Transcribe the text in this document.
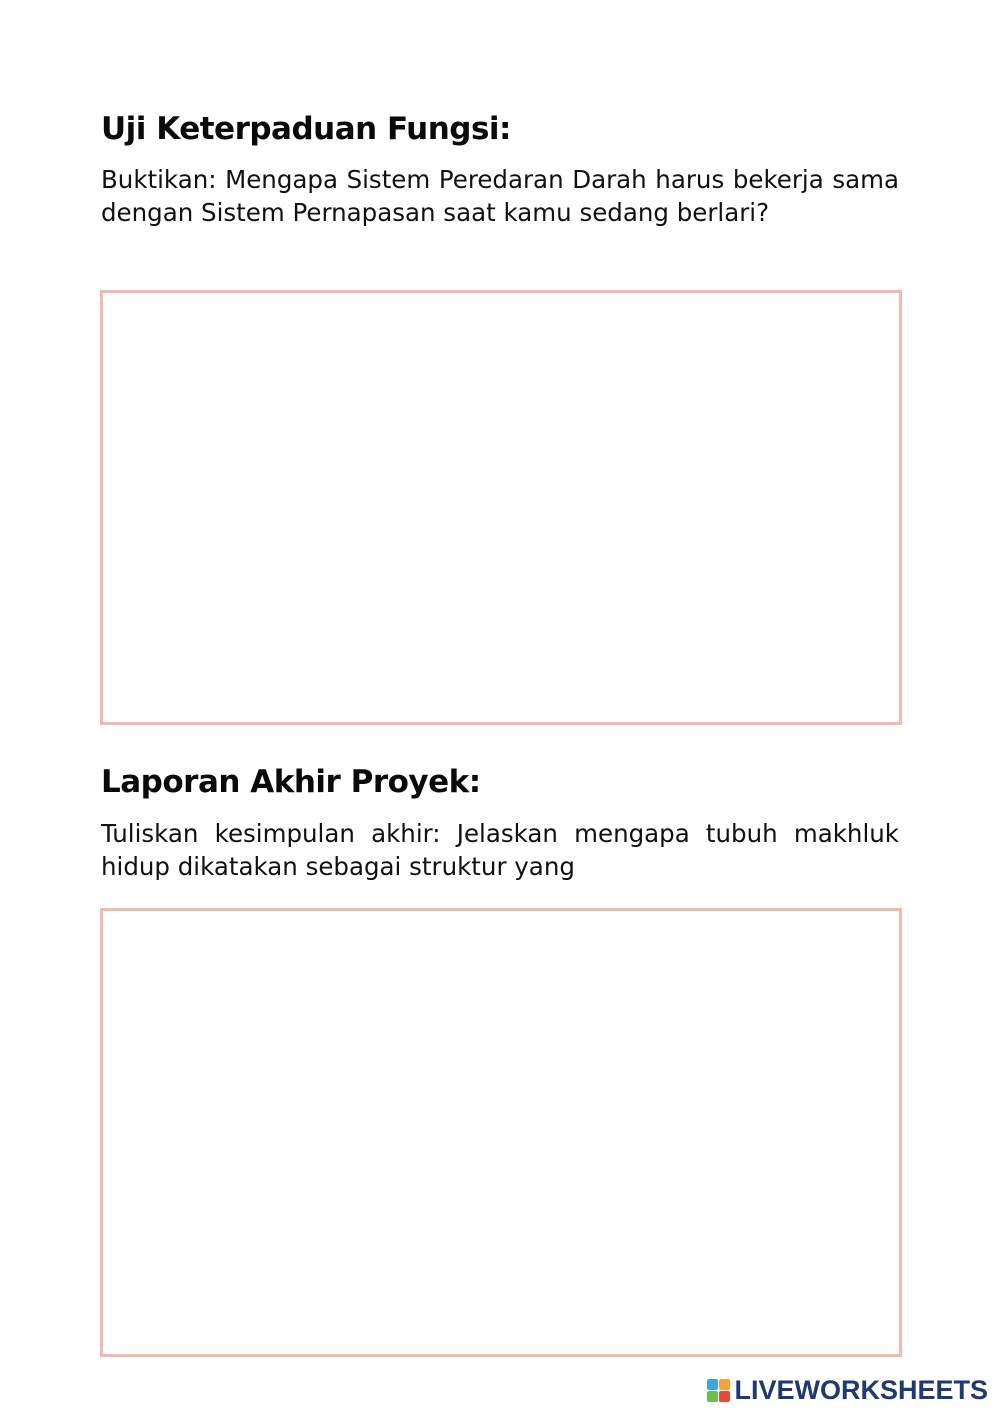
Uji Keterpaduan Fungsi:

Buktikan: Mengapa Sistem Peredaran Darah harus bekerja sama dengan Sistem Pernapasan saat kamu sedang berlari?

Laporan Akhir Proyek:

Tuliskan kesimpulan akhir: Jelaskan mengapa tubuh makhluk hidup dikatakan sebagai struktur yang

LIVEWORKSHEETS
